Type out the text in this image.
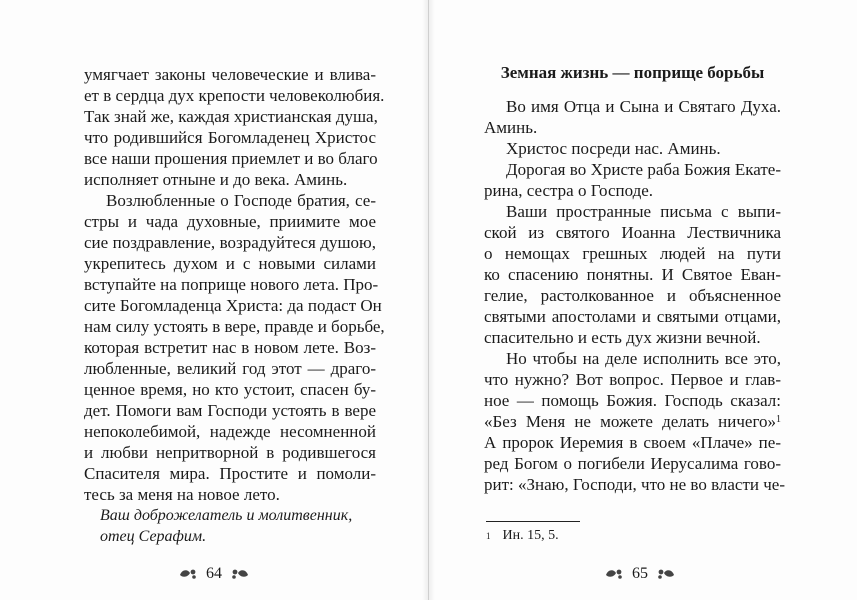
умягчает законы человеческие и влива-
ет в сердца дух крепости человеколюбия.
Так знай же, каждая христианская душа,
что родившийся Богомладенец Христос
все наши прошения приемлет и во благо
исполняет отныне и до века. Аминь.
Возлюбленные о Господе братия, се-
стры и чада духовные, приимите мое
сие поздравление, возрадуйтеся душою,
укрепитесь духом и с новыми силами
вступайте на поприще нового лета. Про-
сите Богомладенца Христа: да подаст Он
нам силу устоять в вере, правде и борьбе,
которая встретит нас в новом лете. Воз-
любленные, великий год этот — драго-
ценное время, но кто устоит, спасен бу-
дет. Помоги вам Господи устоять в вере
непоколебимой, надежде несомненной
и любви непритворной в родившегося
Спасителя мира. Простите и помоли-
тесь за меня на новое лето.
Ваш доброжелатель и молитвенник,
отец Серафим.
64
Земная жизнь — поприще борьбы
Во имя Отца и Сына и Святаго Духа.
Аминь.
Христос посреди нас. Аминь.
Дорогая во Христе раба Божия Екате-
рина, сестра о Господе.
Ваши пространные письма с выпи-
ской из святого Иоанна Лествичника
о немощах грешных людей на пути
ко спасению понятны. И Святое Еван-
гелие, растолкованное и объясненное
святыми апостолами и святыми отцами,
спасительно и есть дух жизни вечной.
Но чтобы на деле исполнить все это,
что нужно? Вот вопрос. Первое и глав-
ное — помощь Божия. Господь сказал:
«Без Меня не можете делать ничего»$^1$
А пророк Иеремия в своем «Плаче» пе-
ред Богом о погибели Иерусалима гово-
рит: «Знаю, Господи, что не во власти че-
$^1$ Ин. 15, 5.
65
